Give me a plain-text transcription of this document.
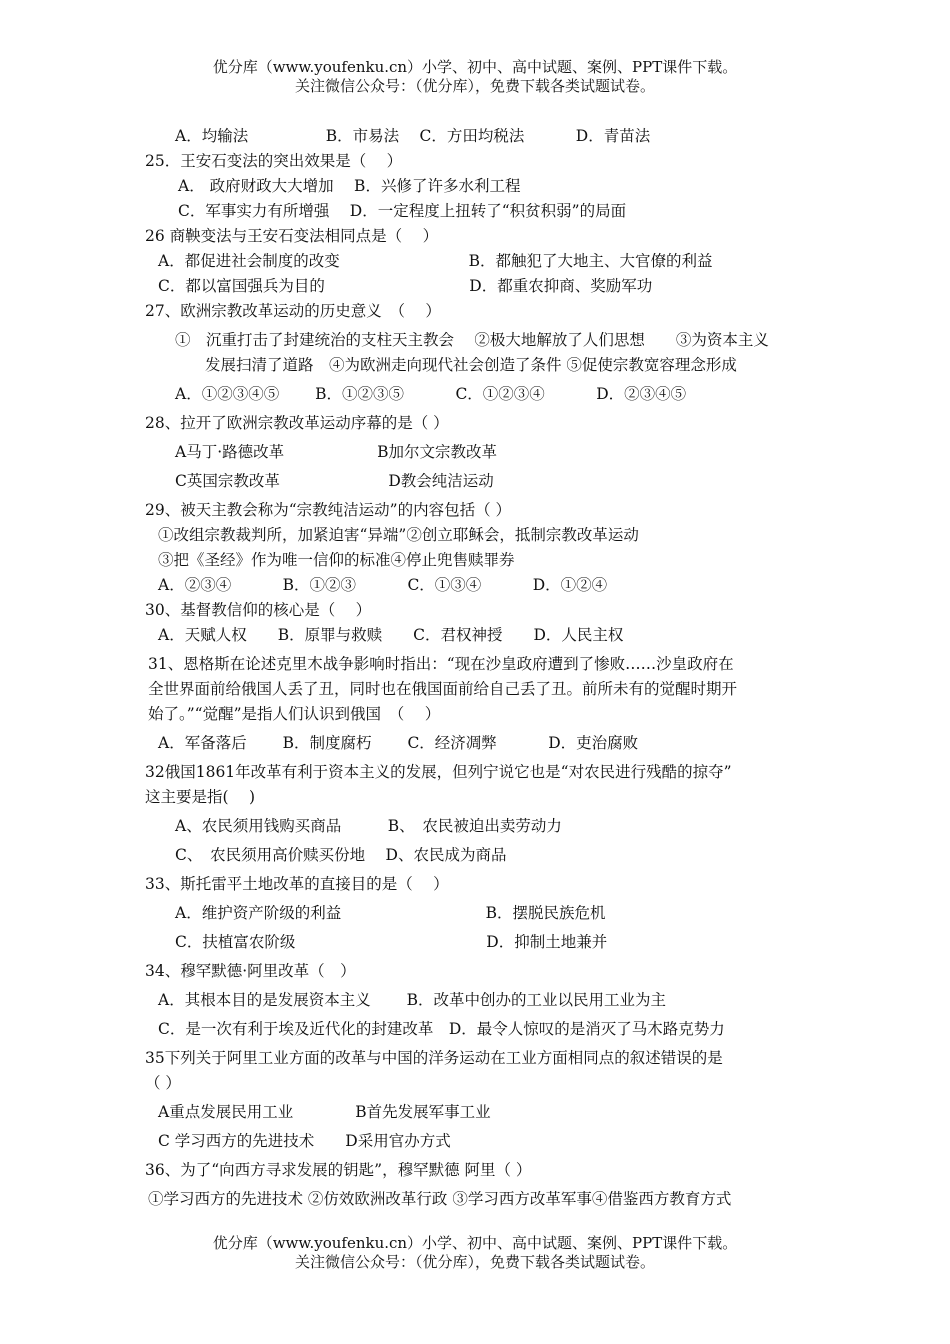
优分库（www.youfenku.cn）小学、初中、高中试题、案例、PPT课件下载。
关注微信公众号：（优分库），免费下载各类试题试卷。
A．均输法　　　　　B．市易法　 C．方田均税法　　　 D．青苗法
25．王安石变法的突出效果是（　 ）
A． 政府财政大大增加　 B．兴修了许多水利工程
C．军事实力有所增强　 D．一定程度上扭转了“积贫积弱”的局面
26 商鞅变法与王安石变法相同点是（　 ）
A．都促进社会制度的改变　　　　　　　　 B．都触犯了大地主、大官僚的利益
C．都以富国强兵为目的　　　　　　　　　 D．都重农抑商、奖励军功
27、欧洲宗教改革运动的历史意义　（　 ）
①　沉重打击了封建统治的支柱天主教会　 ②极大地解放了人们思想　　③为资本主义
发展扫清了道路　④为欧洲走向现代社会创造了条件 ⑤促使宗教宽容理念形成
A．①②③④⑤　　 B．①②③⑤　　　 C．①②③④　　　 D．②③④⑤
28、拉开了欧洲宗教改革运动序幕的是（ ）
A马丁·路德改革　　　　　　B加尔文宗教改革
C英国宗教改革　　　　　　　D教会纯洁运动
29、被天主教会称为“宗教纯洁运动”的内容包括（ ）
①改组宗教裁判所，加紧迫害“异端”②创立耶稣会，抵制宗教改革运动
③把《圣经》作为唯一信仰的标准④停止兜售赎罪券
A．②③④　　　 B．①②③　　　 C．①③④　　　 D．①②④
30、基督教信仰的核心是（　 ）
A．天赋人权　　B．原罪与救赎　　C．君权神授　　D．人民主权
31、恩格斯在论述克里木战争影响时指出：“现在沙皇政府遭到了惨败……沙皇政府在
全世界面前给俄国人丢了丑，同时也在俄国面前给自己丢了丑。前所未有的觉醒时期开
始了。”“觉醒”是指人们认识到俄国　（　 ）
A．军备落后　　 B．制度腐朽　　 C．经济凋弊　　　 D．吏治腐败
32俄国1861年改革有利于资本主义的发展，但列宁说它也是“对农民进行残酷的掠夺”
这主要是指(　 )
A、农民须用钱购买商品　　　B、　农民被迫出卖劳动力
C、　农民须用高价赎买份地　 D、农民成为商品
33、斯托雷平土地改革的直接目的是（　 ）
A．维护资产阶级的利益　　　　　　　　　 B．摆脱民族危机
C．扶植富农阶级　　　　　　　　　　　　 D．抑制土地兼并
34、穆罕默德·阿里改革（　）
A．其根本目的是发展资本主义　　 B．改革中创办的工业以民用工业为主
C．是一次有利于埃及近代化的封建改革　D．最令人惊叹的是消灭了马木路克势力
35下列关于阿里工业方面的改革与中国的洋务运动在工业方面相同点的叙述错误的是
（ ）
A重点发展民用工业　　　　B首先发展军事工业
C 学习西方的先进技术　　D采用官办方式
36、为了“向西方寻求发展的钥匙”，穆罕默德 阿里（ ）
①学习西方的先进技术 ②仿效欧洲改革行政 ③学习西方改革军事④借鉴西方教育方式
优分库（www.youfenku.cn）小学、初中、高中试题、案例、PPT课件下载。
关注微信公众号：（优分库），免费下载各类试题试卷。
